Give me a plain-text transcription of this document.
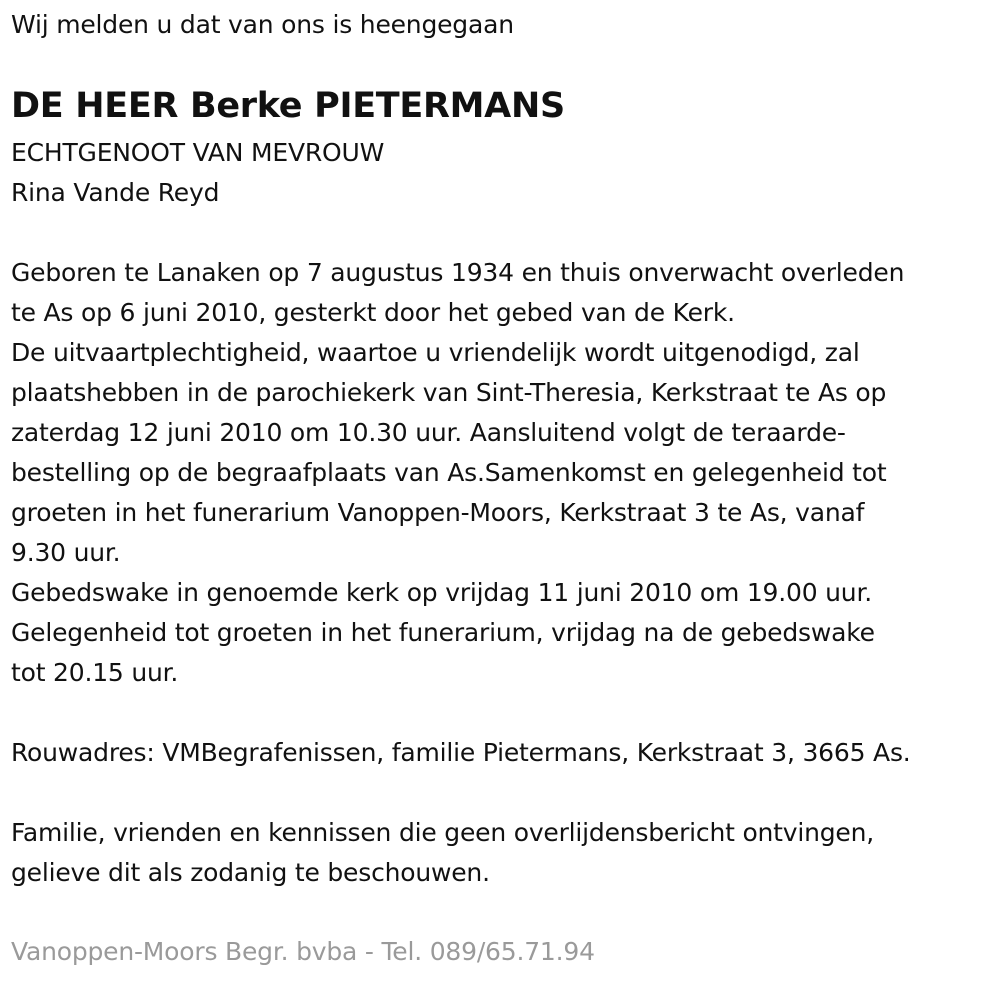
Wij melden u dat van ons is heengegaan
DE HEER Berke PIETERMANS
ECHTGENOOT VAN MEVROUW
Rina Vande Reyd
Geboren te Lanaken op 7 augustus 1934 en thuis onverwacht overleden
te As op 6 juni 2010, gesterkt door het gebed van de Kerk.
De uitvaartplechtigheid, waartoe u vriendelijk wordt uitgenodigd, zal
plaatshebben in de parochiekerk van Sint-Theresia, Kerkstraat te As op
zaterdag 12 juni 2010 om 10.30 uur. Aansluitend volgt de teraarde-
bestelling op de begraafplaats van As.Samenkomst en gelegenheid tot
groeten in het funerarium Vanoppen-Moors, Kerkstraat 3 te As, vanaf
9.30 uur.
Gebedswake in genoemde kerk op vrijdag 11 juni 2010 om 19.00 uur.
Gelegenheid tot groeten in het funerarium, vrijdag na de gebedswake
tot 20.15 uur.
Rouwadres: VMBegrafenissen, familie Pietermans, Kerkstraat 3, 3665 As.
Familie, vrienden en kennissen die geen overlijdensbericht ontvingen,
gelieve dit als zodanig te beschouwen.
Vanoppen-Moors Begr. bvba - Tel. 089/65.71.94
